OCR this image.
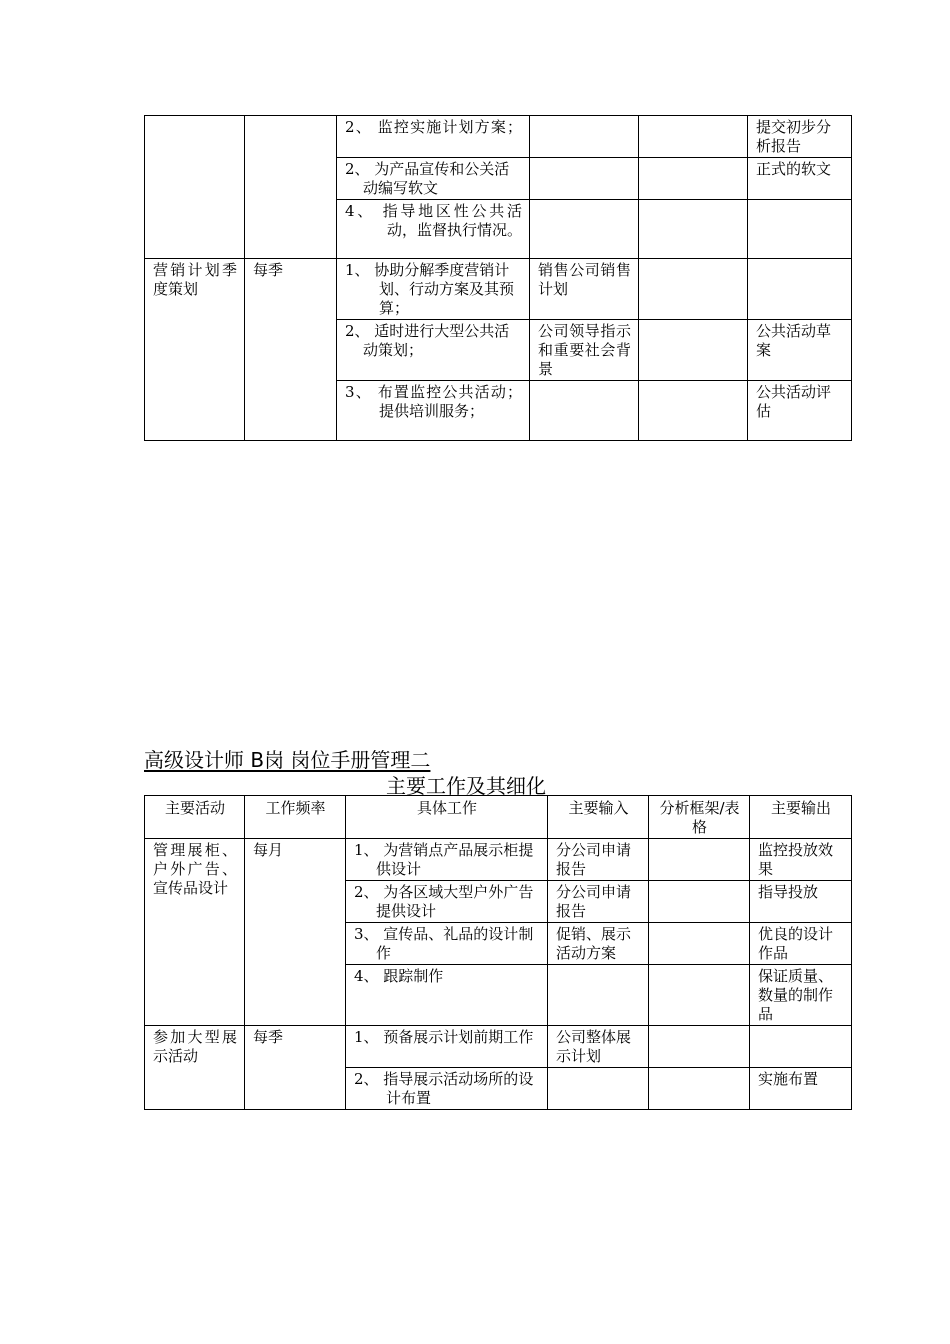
		2、 监控实施计划方案；			提交初步分析报告

		2、 为产品宣传和公关活动编写软文			正式的软文

		4、 指导地区性公共活动，监督执行情况。			

营销计划季度策划	每季	1、 协助分解季度营销计划、行动方案及其预算；	销售公司销售计划		

		2、 适时进行大型公共活动策划；	公司领导指示和重要社会背景		公共活动草案

		3、 布置监控公共活动；提供培训服务；			公共活动评估
高级设计师 B岗 岗位手册管理二
主要工作及其细化
主要活动	工作频率	具体工作	主要输入	分析框架/表格	主要输出

管理展柜、户外广告、宣传品设计	每月	1、 为营销点产品展示柜提供设计	分公司申请报告		监控投放效果

		2、 为各区域大型户外广告提供设计	分公司申请报告		指导投放

		3、 宣传品、礼品的设计制作	促销、展示活动方案		优良的设计作品
		4、 跟踪制作			保证质量、数量的制作品

参加大型展示活动	每季	1、 预备展示计划前期工作	公司整体展示计划		

		2、 指导展示活动场所的设计布置			实施布置
